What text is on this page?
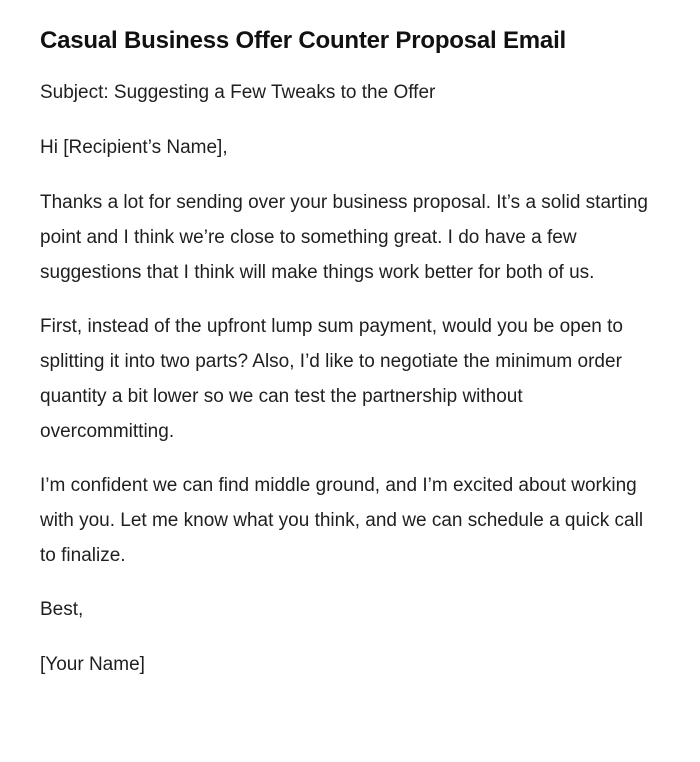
Casual Business Offer Counter Proposal Email

Subject: Suggesting a Few Tweaks to the Offer

Hi [Recipient’s Name],

Thanks a lot for sending over your business proposal. It’s a solid starting point and I think we’re close to something great. I do have a few suggestions that I think will make things work better for both of us.

First, instead of the upfront lump sum payment, would you be open to splitting it into two parts? Also, I’d like to negotiate the minimum order quantity a bit lower so we can test the partnership without overcommitting.

I’m confident we can find middle ground, and I’m excited about working with you. Let me know what you think, and we can schedule a quick call to finalize.

Best,

[Your Name]
